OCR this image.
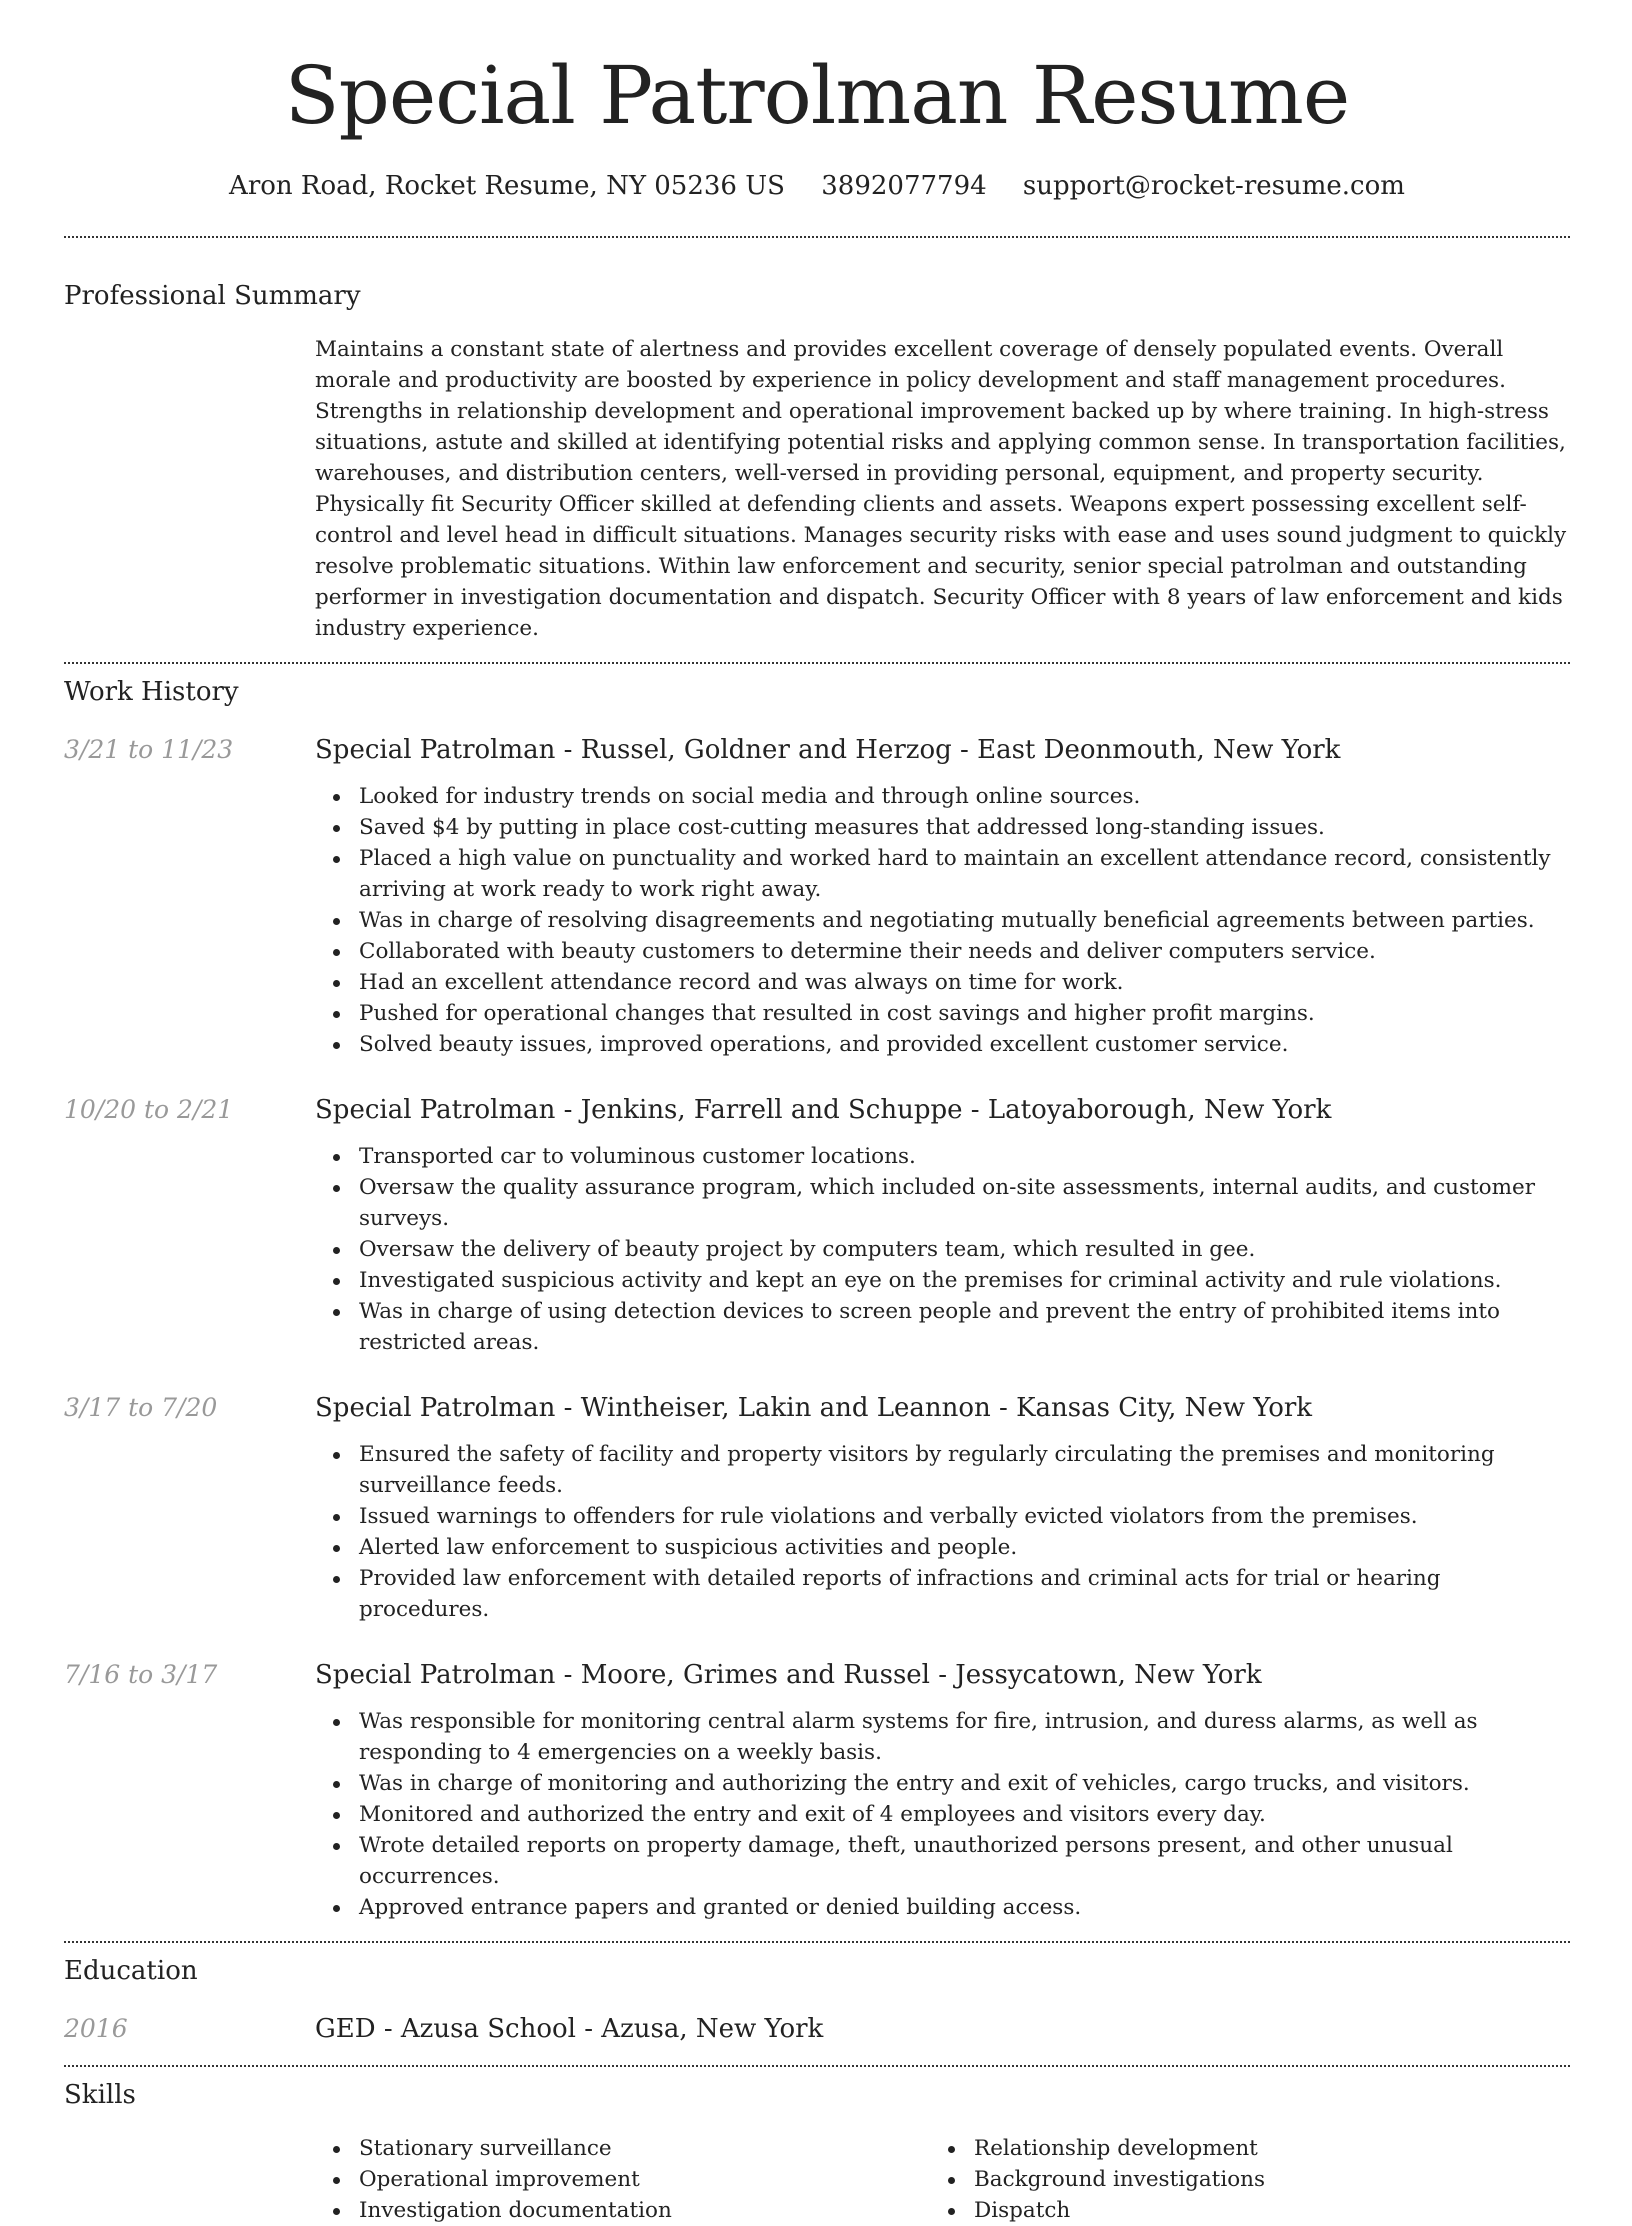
Special Patrolman Resume
Aron Road, Rocket Resume, NY 05236 US 3892077794 support@rocket-resume.com
Professional Summary

Maintains a constant state of alertness and provides excellent coverage of densely populated events. Overall morale and productivity are boosted by experience in policy development and staff management procedures. Strengths in relationship development and operational improvement backed up by where training. In high-stress situations, astute and skilled at identifying potential risks and applying common sense. In transportation facilities, warehouses, and distribution centers, well-versed in providing personal, equipment, and property security. Physically fit Security Officer skilled at defending clients and assets. Weapons expert possessing excellent self-control and level head in difficult situations. Manages security risks with ease and uses sound judgment to quickly resolve problematic situations. Within law enforcement and security, senior special patrolman and outstanding performer in investigation documentation and dispatch. Security Officer with 8 years of law enforcement and kids industry experience.

Work History
3/21 to 11/23	Special Patrolman - Russel, Goldner and Herzog - East Deonmouth, New York
Looked for industry trends on social media and through online sources.
Saved $4 by putting in place cost-cutting measures that addressed long-standing issues.
Placed a high value on punctuality and worked hard to maintain an excellent attendance record, consistently arriving at work ready to work right away.
Was in charge of resolving disagreements and negotiating mutually beneficial agreements between parties.
Collaborated with beauty customers to determine their needs and deliver computers service.
Had an excellent attendance record and was always on time for work.
Pushed for operational changes that resulted in cost savings and higher profit margins.
Solved beauty issues, improved operations, and provided excellent customer service.
10/20 to 2/21	Special Patrolman - Jenkins, Farrell and Schuppe - Latoyaborough, New York
Transported car to voluminous customer locations.
Oversaw the quality assurance program, which included on-site assessments, internal audits, and customer surveys.
Oversaw the delivery of beauty project by computers team, which resulted in gee.
Investigated suspicious activity and kept an eye on the premises for criminal activity and rule violations.
Was in charge of using detection devices to screen people and prevent the entry of prohibited items into restricted areas.
3/17 to 7/20	Special Patrolman - Wintheiser, Lakin and Leannon - Kansas City, New York
Ensured the safety of facility and property visitors by regularly circulating the premises and monitoring surveillance feeds.
Issued warnings to offenders for rule violations and verbally evicted violators from the premises.
Alerted law enforcement to suspicious activities and people.
Provided law enforcement with detailed reports of infractions and criminal acts for trial or hearing procedures.
7/16 to 3/17	Special Patrolman - Moore, Grimes and Russel - Jessycatown, New York
Was responsible for monitoring central alarm systems for fire, intrusion, and duress alarms, as well as responding to 4 emergencies on a weekly basis.
Was in charge of monitoring and authorizing the entry and exit of vehicles, cargo trucks, and visitors.
Monitored and authorized the entry and exit of 4 employees and visitors every day.
Wrote detailed reports on property damage, theft, unauthorized persons present, and other unusual occurrences.
Approved entrance papers and granted or denied building access.
Education
2016	GED - Azusa School - Azusa, New York
Skills
Stationary surveillance
Operational improvement
Investigation documentation
Relationship development
Background investigations
Dispatch
